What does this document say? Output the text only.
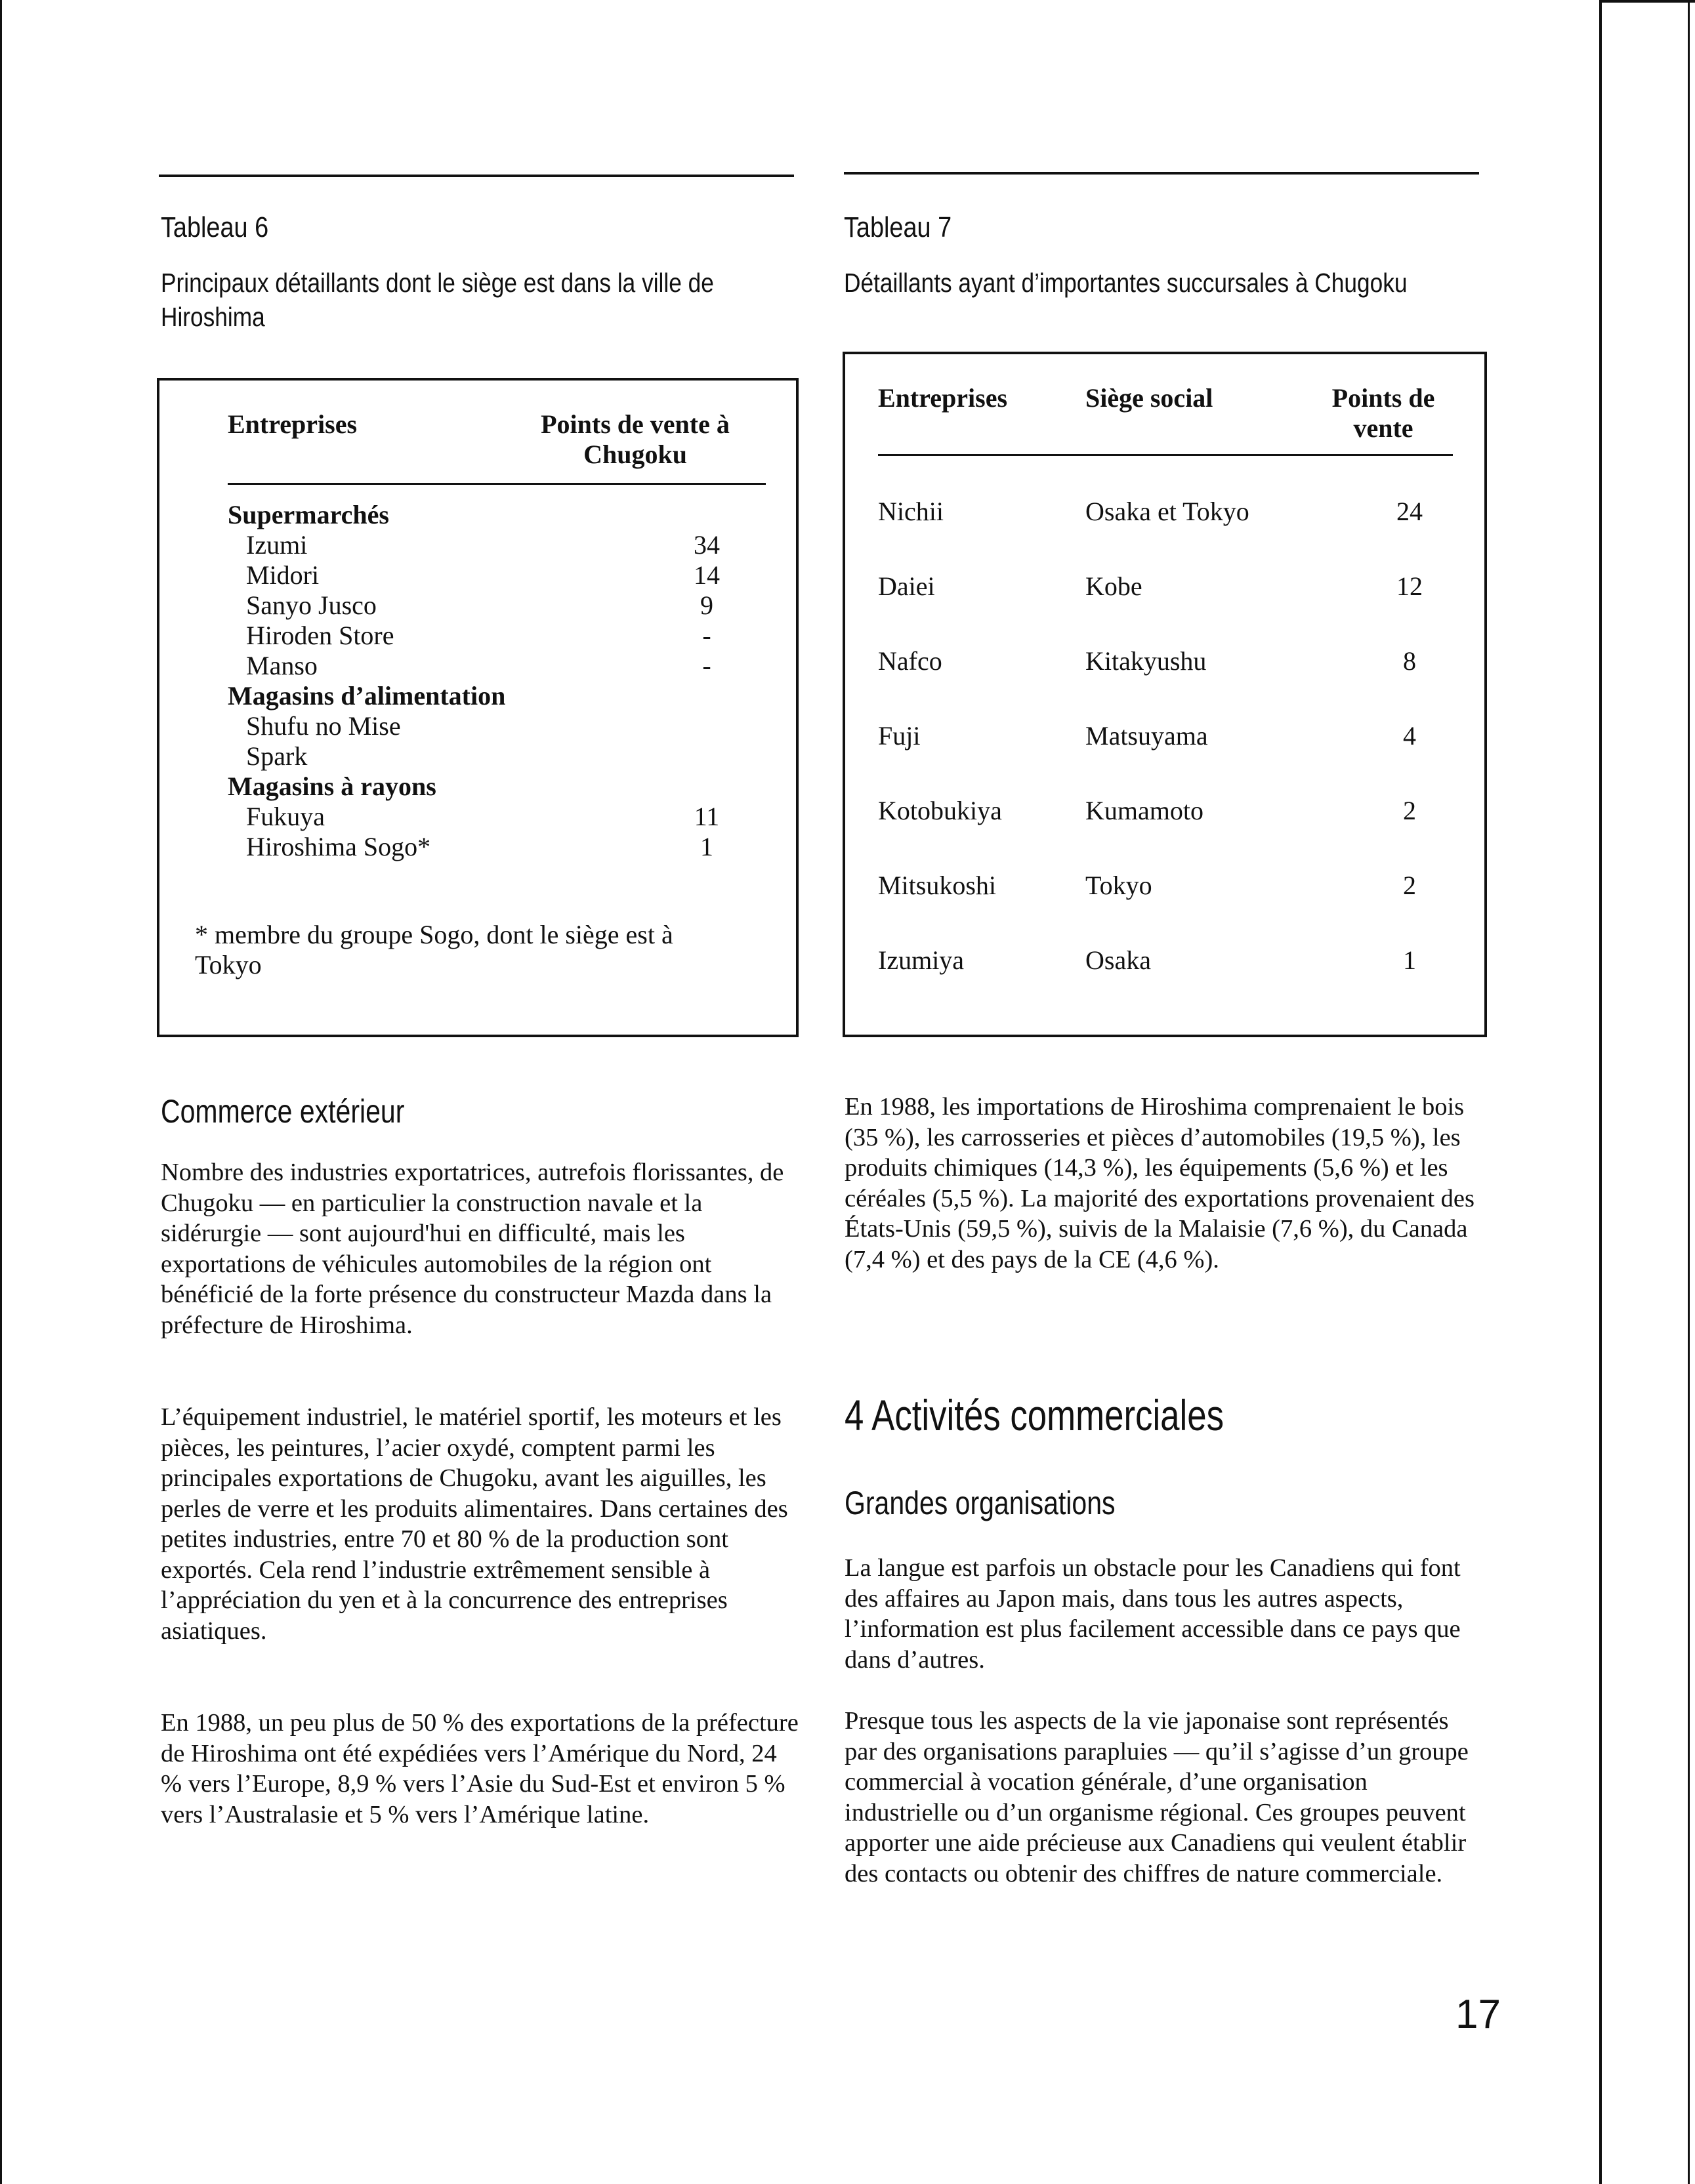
Tableau 6
Principaux détaillants dont le siège est dans la ville de Hiroshima
Entreprises	Points de vente à Chugoku
Supermarchés
Izumi	34
Midori	14
Sanyo Jusco	9
Hiroden Store	-
Manso	-
Magasins d’alimentation
Shufu no Mise
Spark
Magasins à rayons
Fukuya	11
Hiroshima Sogo*	1
* membre du groupe Sogo, dont le siège est à Tokyo
Tableau 7
Détaillants ayant d’importantes succursales à Chugoku
Entreprises	Siège social	Points de vente
Nichii	Osaka et Tokyo	24
Daiei	Kobe	12
Nafco	Kitakyushu	8
Fuji	Matsuyama	4
Kotobukiya	Kumamoto	2
Mitsukoshi	Tokyo	2
Izumiya	Osaka	1
Commerce extérieur
Nombre des industries exportatrices, autrefois florissantes, de Chugoku — en particulier la construction navale et la sidérurgie — sont aujourd'hui en difficulté, mais les exportations de véhicules automobiles de la région ont bénéficié de la forte présence du constructeur Mazda dans la préfecture de Hiroshima.
L’équipement industriel, le matériel sportif, les moteurs et les pièces, les peintures, l’acier oxydé, comptent parmi les principales exportations de Chugoku, avant les aiguilles, les perles de verre et les produits alimentaires. Dans certaines des petites industries, entre 70 et 80 % de la production sont exportés. Cela rend l’industrie extrêmement sensible à l’appréciation du yen et à la concurrence des entreprises asiatiques.
En 1988, un peu plus de 50 % des exportations de la préfecture de Hiroshima ont été expédiées vers l’Amérique du Nord, 24 % vers l’Europe, 8,9 % vers l’Asie du Sud-Est et environ 5 % vers l’Australasie et 5 % vers l’Amérique latine.
En 1988, les importations de Hiroshima comprenaient le bois (35 %), les carrosseries et pièces d’automobiles (19,5 %), les produits chimiques (14,3 %), les équipements (5,6 %) et les céréales (5,5 %). La majorité des exportations provenaient des États-Unis (59,5 %), suivis de la Malaisie (7,6 %), du Canada (7,4 %) et des pays de la CE (4,6 %).
4 Activités commerciales
Grandes organisations
La langue est parfois un obstacle pour les Canadiens qui font des affaires au Japon mais, dans tous les autres aspects, l’information est plus facilement accessible dans ce pays que dans d’autres.
Presque tous les aspects de la vie japonaise sont représentés par des organisations parapluies — qu’il s’agisse d’un groupe commercial à vocation générale, d’une organisation industrielle ou d’un organisme régional. Ces groupes peuvent apporter une aide précieuse aux Canadiens qui veulent établir des contacts ou obtenir des chiffres de nature commerciale.
17
